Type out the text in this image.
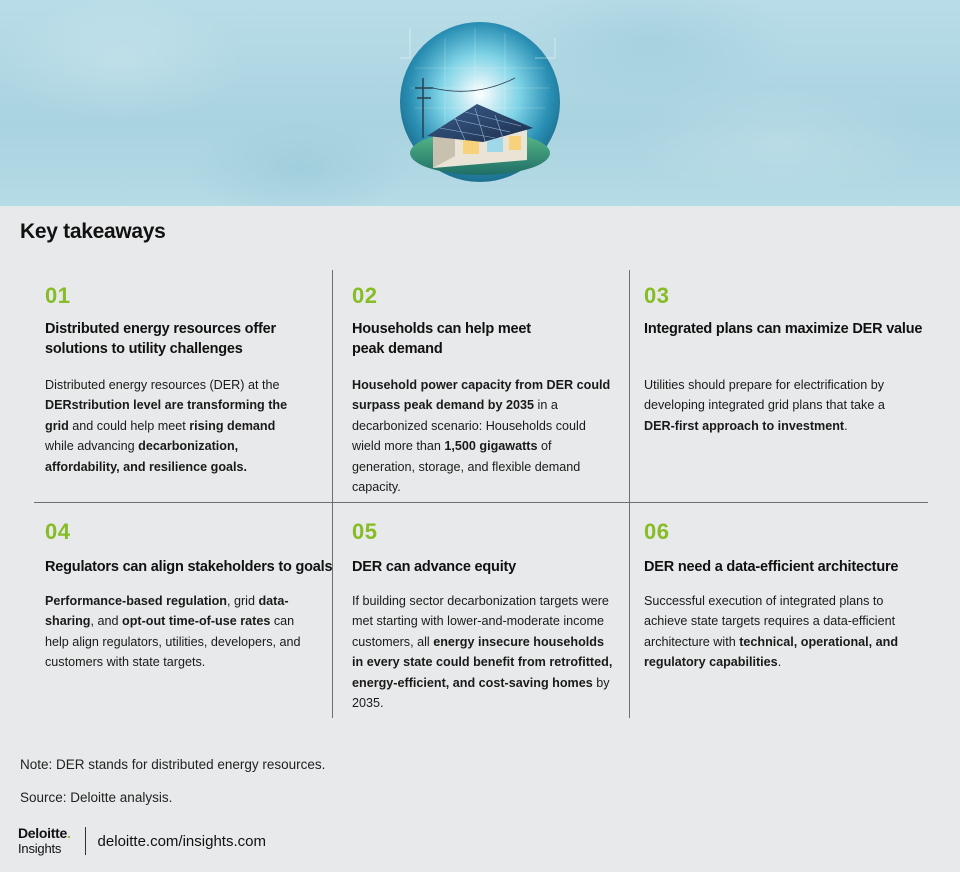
Key takeaways
01
Distributed energy resources offer solutions to utility challenges
Distributed energy resources (DER) at the DERstribution level are transforming the grid and could help meet rising demand while advancing decarbonization, affordability, and resilience goals.
02
Households can help meet peak demand
Household power capacity from DER could surpass peak demand by 2035 in a decarbonized scenario: Households could wield more than 1,500 gigawatts of generation, storage, and flexible demand capacity.
03
Integrated plans can maximize DER value
Utilities should prepare for electrification by developing integrated grid plans that take a DER-first approach to investment.
04
Regulators can align stakeholders to goals
Performance-based regulation, grid data-sharing, and opt-out time-of-use rates can help align regulators, utilities, developers, and customers with state targets.
05
DER can advance equity
If building sector decarbonization targets were met starting with lower-and-moderate income customers, all energy insecure households in every state could benefit from retrofitted, energy-efficient, and cost-saving homes by 2035.
06
DER need a data-efficient architecture
Successful execution of integrated plans to achieve state targets requires a data-efficient architecture with technical, operational, and regulatory capabilities.
Note: DER stands for distributed energy resources.
Source: Deloitte analysis.
Deloitte.
Insights	deloitte.com/insights.com
